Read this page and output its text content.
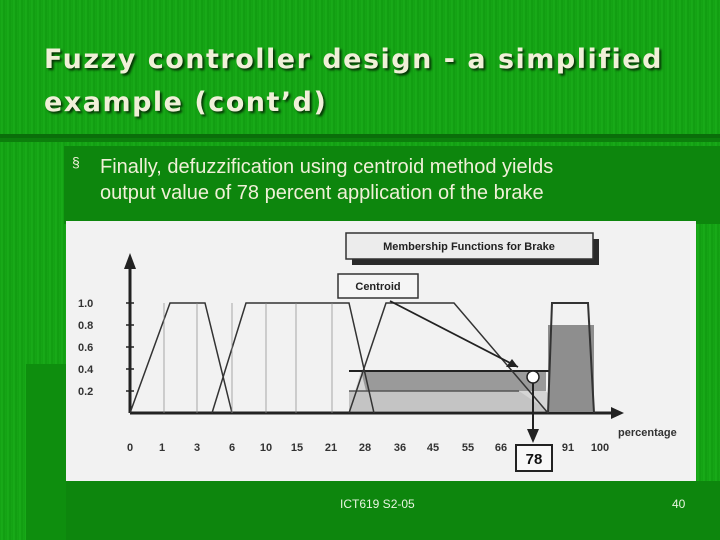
Fuzzy controller design - a simplified
example (cont’d)
§ Finally, defuzzification using centroid method yields
output value of 78 percent application of the brake
Membership Functions for Brake
Centroid
1.0
0.8
0.6
0.4
0.2
0 1	3	6 10 15 21 28 36 45 55 66	91 100
percentage
78
ICT619 S2-05	40
